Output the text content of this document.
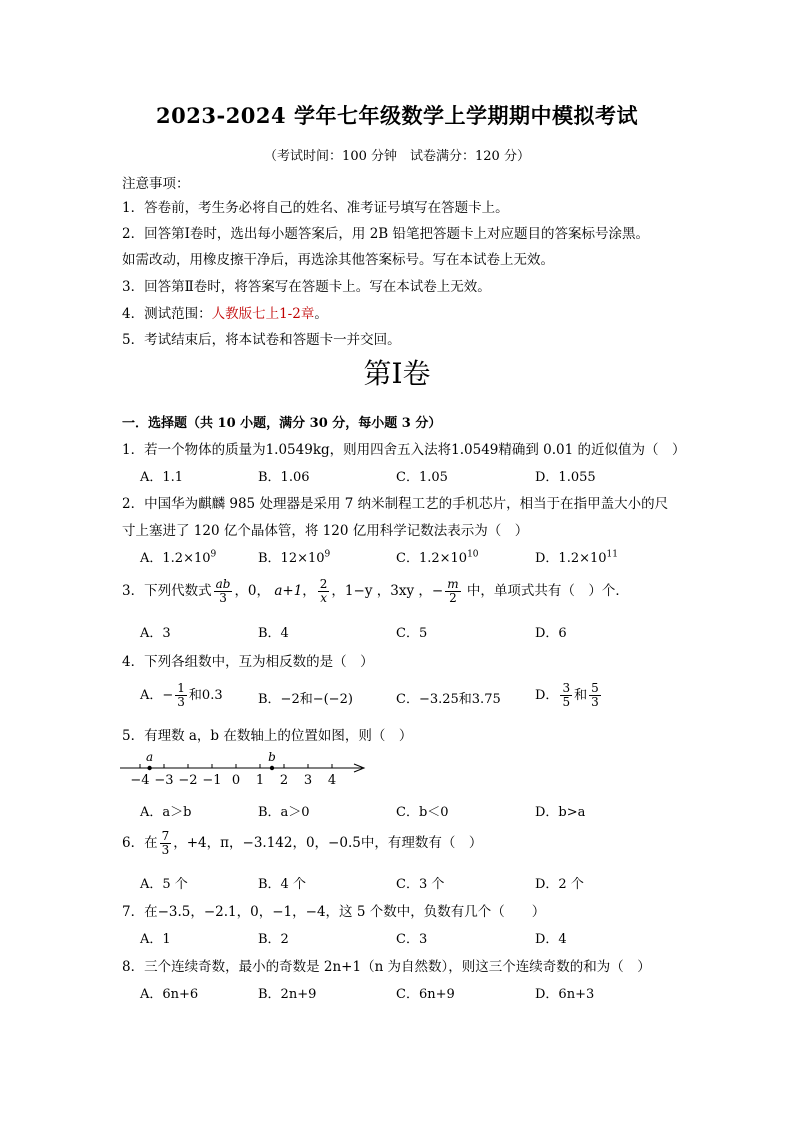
2023-2024 学年七年级数学上学期期中模拟考试
（考试时间：100 分钟　试卷满分：120 分）
注意事项：
1．答卷前，考生务必将自己的姓名、准考证号填写在答题卡上。
2．回答第Ⅰ卷时，选出每小题答案后，用 2B 铅笔把答题卡上对应题目的答案标号涂黑。
如需改动，用橡皮擦干净后，再选涂其他答案标号。写在本试卷上无效。
3．回答第Ⅱ卷时，将答案写在答题卡上。写在本试卷上无效。
4．测试范围：人教版七上1-2章。
5．考试结束后，将本试卷和答题卡一并交回。
第Ⅰ卷
一．选择题（共 10 小题，满分 30 分，每小题 3 分）
1．若一个物体的质量为1.0549kg，则用四舍五入法将1.0549精确到 0.01 的近似值为（　）
A．1.1	B．1.06	C．1.05	D．1.055
2．中国华为麒麟 985 处理器是采用 7 纳米制程工艺的手机芯片，相当于在指甲盖大小的尺
寸上塞进了 120 亿个晶体管，将 120 亿用科学记数法表示为（　）
A．$1.2\times 10^9$	B．$12\times 10^9$	C．$1.2\times 10^{10}$	D．$1.2\times 10^{11}$
3．下列代数式 $\frac{ab}{3}$ ，0， a+1， $\frac{2}{x}$ ，1−y ，3xy ，− $\frac{m}{2}$ 中，单项式共有（　）个．
A．3	B．4	C．5	D．6
4．下列各组数中，互为相反数的是（　）
A．− $\frac{1}{3}$ 和0.3	B．−2和−(−2)	C．−3.25和3.75	D． $\frac{3}{5}$ 和 $\frac{5}{3}$
5．有理数 a，b 在数轴上的位置如图，则（　）
−4 −3 −2 −1 0 1 2 3 4
a	b
A．a＞b	B．a＞0	C．b＜0	D．b>a
6．在 $\frac{7}{3}$ ，+4，π，−3.142，0，−0.5中，有理数有（　）
A．5 个	B．4 个	C．3 个	D．2 个
7．在−3.5，−2.1，0，−1，−4，这 5 个数中，负数有几个（　　）
A．1	B．2	C．3	D．4
8．三个连续奇数，最小的奇数是 2n+1（n 为自然数），则这三个连续奇数的和为（　）
A．6n+6	B．2n+9	C．6n+9	D．6n+3
